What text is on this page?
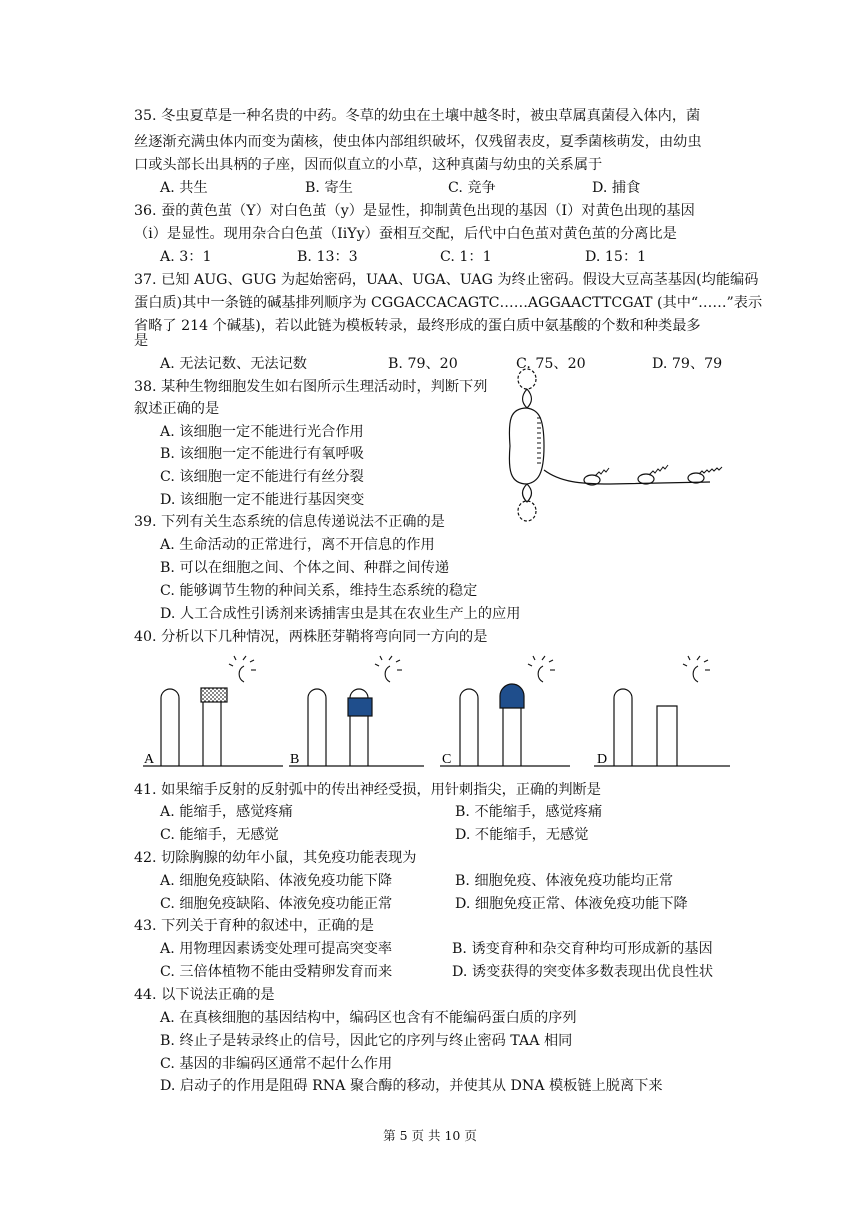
35. 冬虫夏草是一种名贵的中药。冬草的幼虫在土壤中越冬时，被虫草属真菌侵入体内，菌
丝逐渐充满虫体内而变为菌核，使虫体内部组织破坏，仅残留表皮，夏季菌核萌发，由幼虫
口或头部长出具柄的子座，因而似直立的小草，这种真菌与幼虫的关系属于
A. 共生	B. 寄生	C. 竞争	D. 捕食
36. 蚕的黄色茧（Y）对白色茧（y）是显性，抑制黄色出现的基因（I）对黄色出现的基因
（i）是显性。现用杂合白色茧（IiYy）蚕相互交配，后代中白色茧对黄色茧的分离比是
A. 3：1	B. 13：3	C. 1：1	D. 15：1
37. 已知 AUG、GUG 为起始密码，UAA、UGA、UAG 为终止密码。假设大豆高茎基因(均能编码
蛋白质)其中一条链的碱基排列顺序为 CGGACCACAGTC……AGGAACTTCGAT (其中“……”表示
省略了 214 个碱基)，若以此链为模板转录，最终形成的蛋白质中氨基酸的个数和种类最多
是
A. 无法记数、无法记数	B. 79、20	C. 75、20	D. 79、79
38. 某种生物细胞发生如右图所示生理活动时，判断下列
叙述正确的是
A. 该细胞一定不能进行光合作用
B. 该细胞一定不能进行有氧呼吸
C. 该细胞一定不能进行有丝分裂
D. 该细胞一定不能进行基因突变
39. 下列有关生态系统的信息传递说法不正确的是
A. 生命活动的正常进行，离不开信息的作用
B. 可以在细胞之间、个体之间、种群之间传递
C. 能够调节生物的种间关系，维持生态系统的稳定
D. 人工合成性引诱剂来诱捕害虫是其在农业生产上的应用
40. 分析以下几种情况，两株胚芽鞘将弯向同一方向的是
A	B	C	D
41. 如果缩手反射的反射弧中的传出神经受损，用针刺指尖，正确的判断是
A. 能缩手，感觉疼痛	B. 不能缩手，感觉疼痛
C. 能缩手，无感觉	D. 不能缩手，无感觉
42. 切除胸腺的幼年小鼠，其免疫功能表现为
A. 细胞免疫缺陷、体液免疫功能下降	B. 细胞免疫、体液免疫功能均正常
C. 细胞免疫缺陷、体液免疫功能正常	D. 细胞免疫正常、体液免疫功能下降
43. 下列关于育种的叙述中，正确的是
A. 用物理因素诱变处理可提高突变率	B. 诱变育种和杂交育种均可形成新的基因
C. 三倍体植物不能由受精卵发育而来	D. 诱变获得的突变体多数表现出优良性状
44. 以下说法正确的是
A. 在真核细胞的基因结构中，编码区也含有不能编码蛋白质的序列
B. 终止子是转录终止的信号，因此它的序列与终止密码 TAA 相同
C. 基因的非编码区通常不起什么作用
D. 启动子的作用是阻碍 RNA 聚合酶的移动，并使其从 DNA 模板链上脱离下来
第 5 页 共 10 页
